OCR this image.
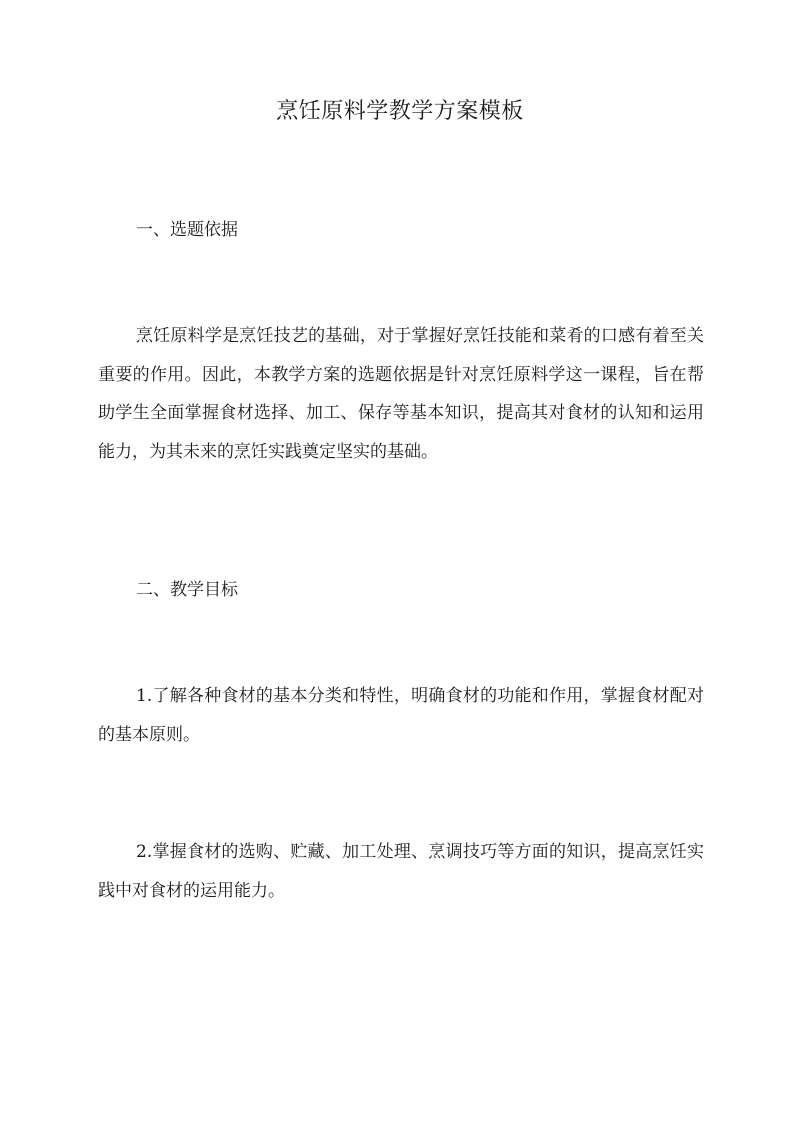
烹饪原料学教学方案模板
一、选题依据
烹饪原料学是烹饪技艺的基础，对于掌握好烹饪技能和菜肴的口感有着至关重要的作用。因此，本教学方案的选题依据是针对烹饪原料学这一课程，旨在帮助学生全面掌握食材选择、加工、保存等基本知识，提高其对食材的认知和运用能力，为其未来的烹饪实践奠定坚实的基础。
二、教学目标
1.了解各种食材的基本分类和特性，明确食材的功能和作用，掌握食材配对的基本原则。
2.掌握食材的选购、贮藏、加工处理、烹调技巧等方面的知识，提高烹饪实践中对食材的运用能力。
